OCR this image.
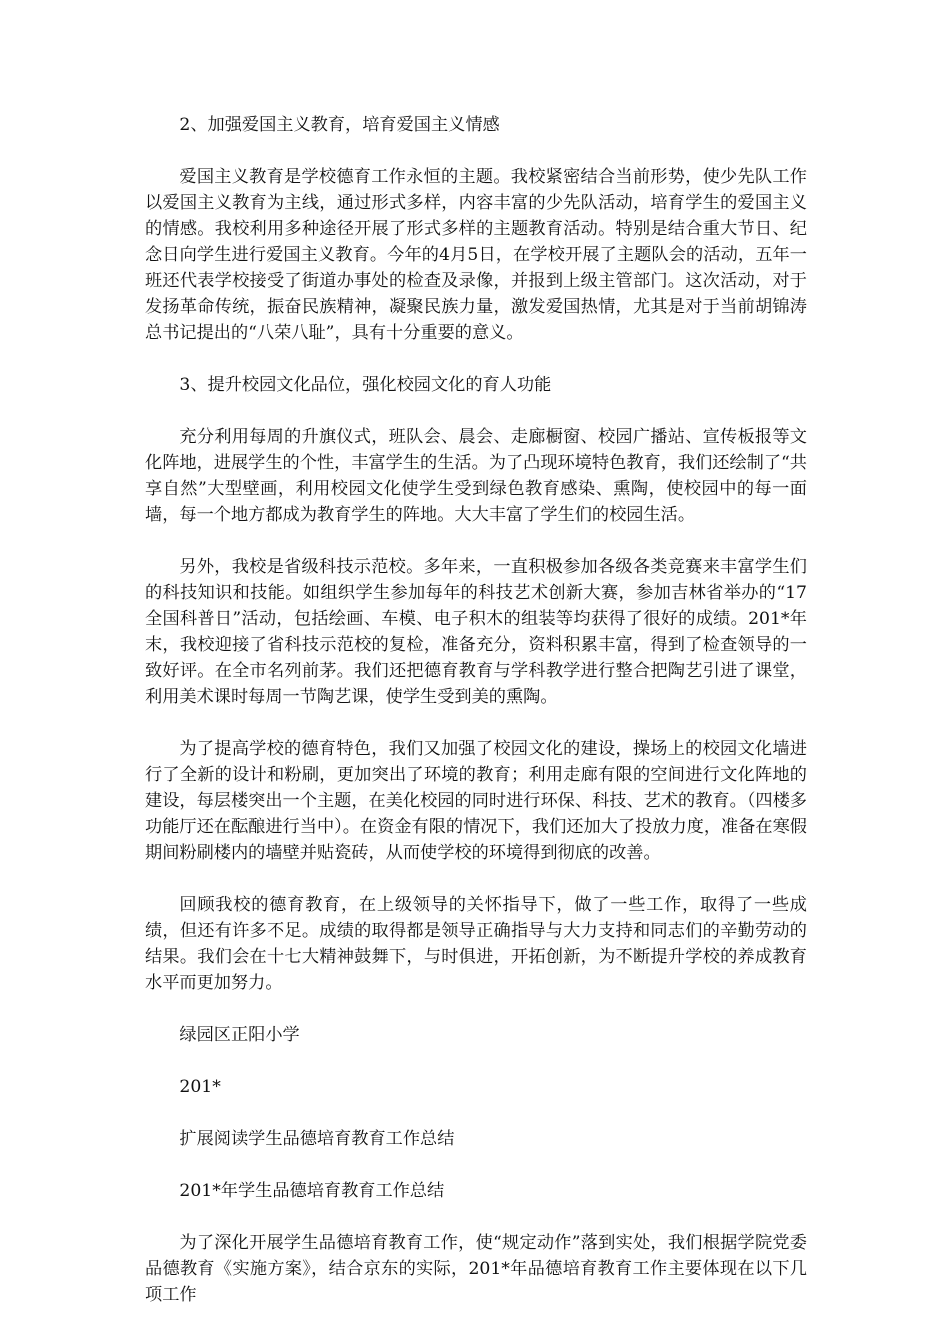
2、加强爱国主义教育，培育爱国主义情感

爱国主义教育是学校德育工作永恒的主题。我校紧密结合当前形势，使少先队工作以爱国主义教育为主线，通过形式多样，内容丰富的少先队活动，培育学生的爱国主义的情感。我校利用多种途径开展了形式多样的主题教育活动。特别是结合重大节日、纪念日向学生进行爱国主义教育。今年的4月5日，在学校开展了主题队会的活动，五年一班还代表学校接受了街道办事处的检查及录像，并报到上级主管部门。这次活动，对于发扬革命传统，振奋民族精神，凝聚民族力量，激发爱国热情，尤其是对于当前胡锦涛总书记提出的“八荣八耻”，具有十分重要的意义。

3、提升校园文化品位，强化校园文化的育人功能

充分利用每周的升旗仪式，班队会、晨会、走廊橱窗、校园广播站、宣传板报等文化阵地，进展学生的个性，丰富学生的生活。为了凸现环境特色教育，我们还绘制了“共享自然”大型壁画，利用校园文化使学生受到绿色教育感染、熏陶，使校园中的每一面墙，每一个地方都成为教育学生的阵地。大大丰富了学生们的校园生活。

另外，我校是省级科技示范校。多年来，一直积极参加各级各类竞赛来丰富学生们的科技知识和技能。如组织学生参加每年的科技艺术创新大赛，参加吉林省举办的“17全国科普日”活动，包括绘画、车模、电子积木的组装等均获得了很好的成绩。201*年末，我校迎接了省科技示范校的复检，准备充分，资料积累丰富，得到了检查领导的一致好评。在全市名列前茅。我们还把德育教育与学科教学进行整合把陶艺引进了课堂，利用美术课时每周一节陶艺课，使学生受到美的熏陶。

为了提高学校的德育特色，我们又加强了校园文化的建设，操场上的校园文化墙进行了全新的设计和粉刷，更加突出了环境的教育；利用走廊有限的空间进行文化阵地的建设，每层楼突出一个主题，在美化校园的同时进行环保、科技、艺术的教育。（四楼多功能厅还在酝酿进行当中）。在资金有限的情况下，我们还加大了投放力度，准备在寒假期间粉刷楼内的墙壁并贴瓷砖，从而使学校的环境得到彻底的改善。

回顾我校的德育教育，在上级领导的关怀指导下，做了一些工作，取得了一些成绩，但还有许多不足。成绩的取得都是领导正确指导与大力支持和同志们的辛勤劳动的结果。我们会在十七大精神鼓舞下，与时俱进，开拓创新，为不断提升学校的养成教育水平而更加努力。

绿园区正阳小学

201*

扩展阅读学生品德培育教育工作总结

201*年学生品德培育教育工作总结

为了深化开展学生品德培育教育工作，使“规定动作”落到实处，我们根据学院党委品德教育《实施方案》，结合京东的实际，201*年品德培育教育工作主要体现在以下几项工作
